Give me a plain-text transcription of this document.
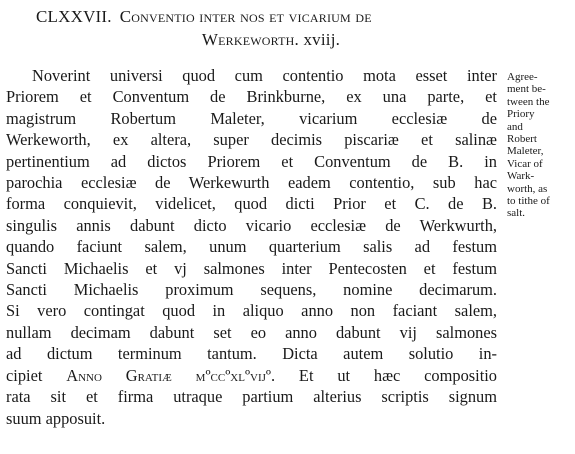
CLXXVII. Conventio inter nos et vicarium de
Werkeworth. xviij.

Noverint universi quod cum contentio mota esset inter
Priorem et Conventum de Brinkburne, ex una parte, et
magistrum Robertum Maleter, vicarium ecclesiæ de
Werkeworth, ex altera, super decimis piscariæ et salinæ
pertinentium ad dictos Priorem et Conventum de B. in
parochia ecclesiæ de Werkewurth eadem contentio, sub hac
forma conquievit, videlicet, quod dicti Prior et C. de B.
singulis annis dabunt dicto vicario ecclesiæ de Werkwurth,
quando faciunt salem, unum quarterium salis ad festum
Sancti Michaelis et vj salmones inter Pentecosten et festum
Sancti Michaelis proximum sequens, nomine decimarum.
Si vero contingat quod in aliquo anno non faciant salem,
nullam decimam dabunt set eo anno dabunt vij salmones
ad dictum terminum tantum. Dicta autem solutio in-
cipiet Anno Gratiæ mºccºxlºvijº. Et ut hæc compositio
rata sit et firma utraque partium alterius scriptis signum
suum apposuit.

Agree-
ment be-
tween the
Priory
and
Robert
Maleter,
Vicar of
Wark-
worth, as
to tithe of
salt.
